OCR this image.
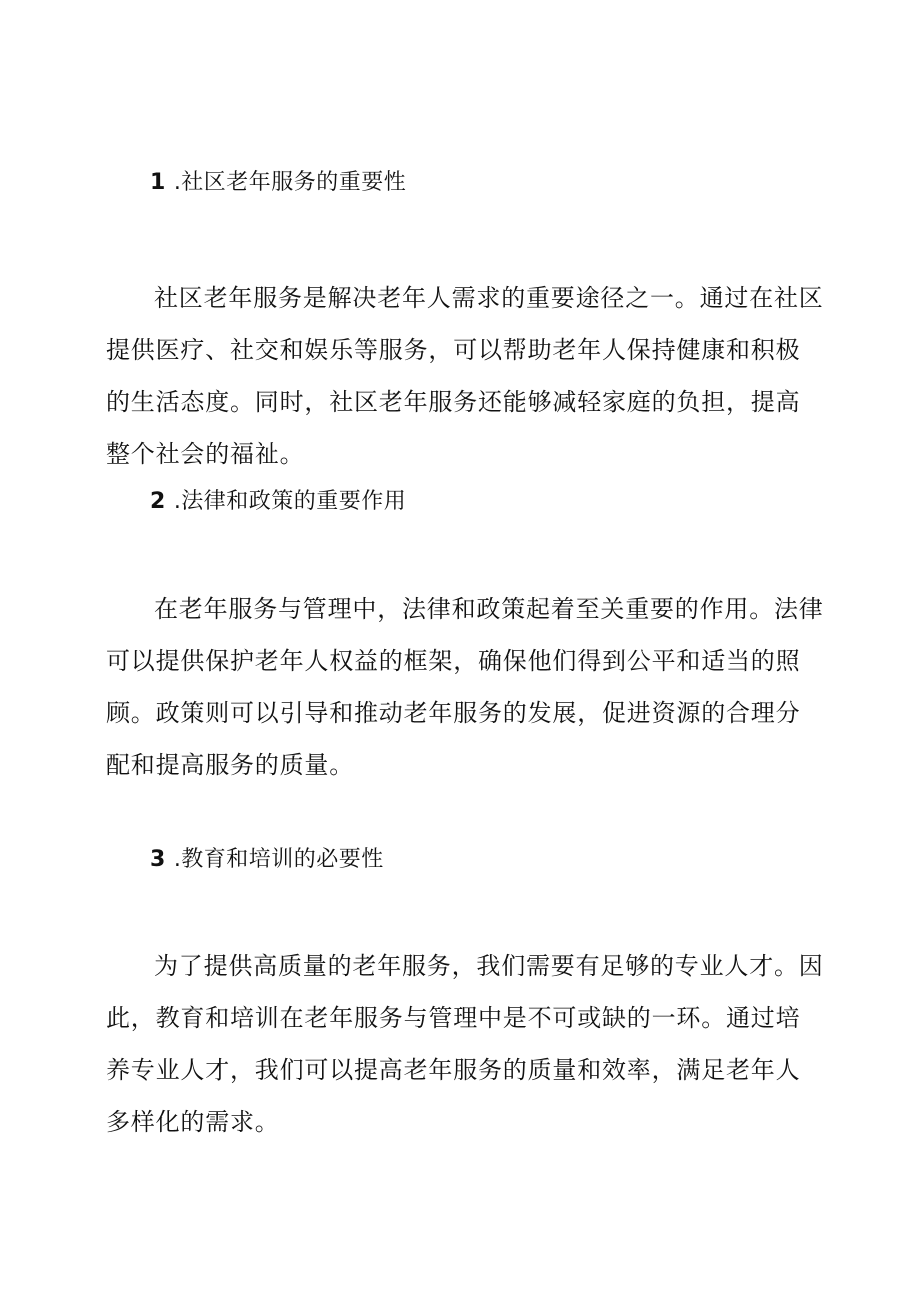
1 .社区老年服务的重要性

社区老年服务是解决老年人需求的重要途径之一。通过在社区提供医疗、社交和娱乐等服务，可以帮助老年人保持健康和积极的生活态度。同时，社区老年服务还能够减轻家庭的负担，提高整个社会的福祉。

2 .法律和政策的重要作用

在老年服务与管理中，法律和政策起着至关重要的作用。法律可以提供保护老年人权益的框架，确保他们得到公平和适当的照顾。政策则可以引导和推动老年服务的发展，促进资源的合理分配和提高服务的质量。

3 .教育和培训的必要性

为了提供高质量的老年服务，我们需要有足够的专业人才。因此，教育和培训在老年服务与管理中是不可或缺的一环。通过培养专业人才，我们可以提高老年服务的质量和效率，满足老年人多样化的需求。
